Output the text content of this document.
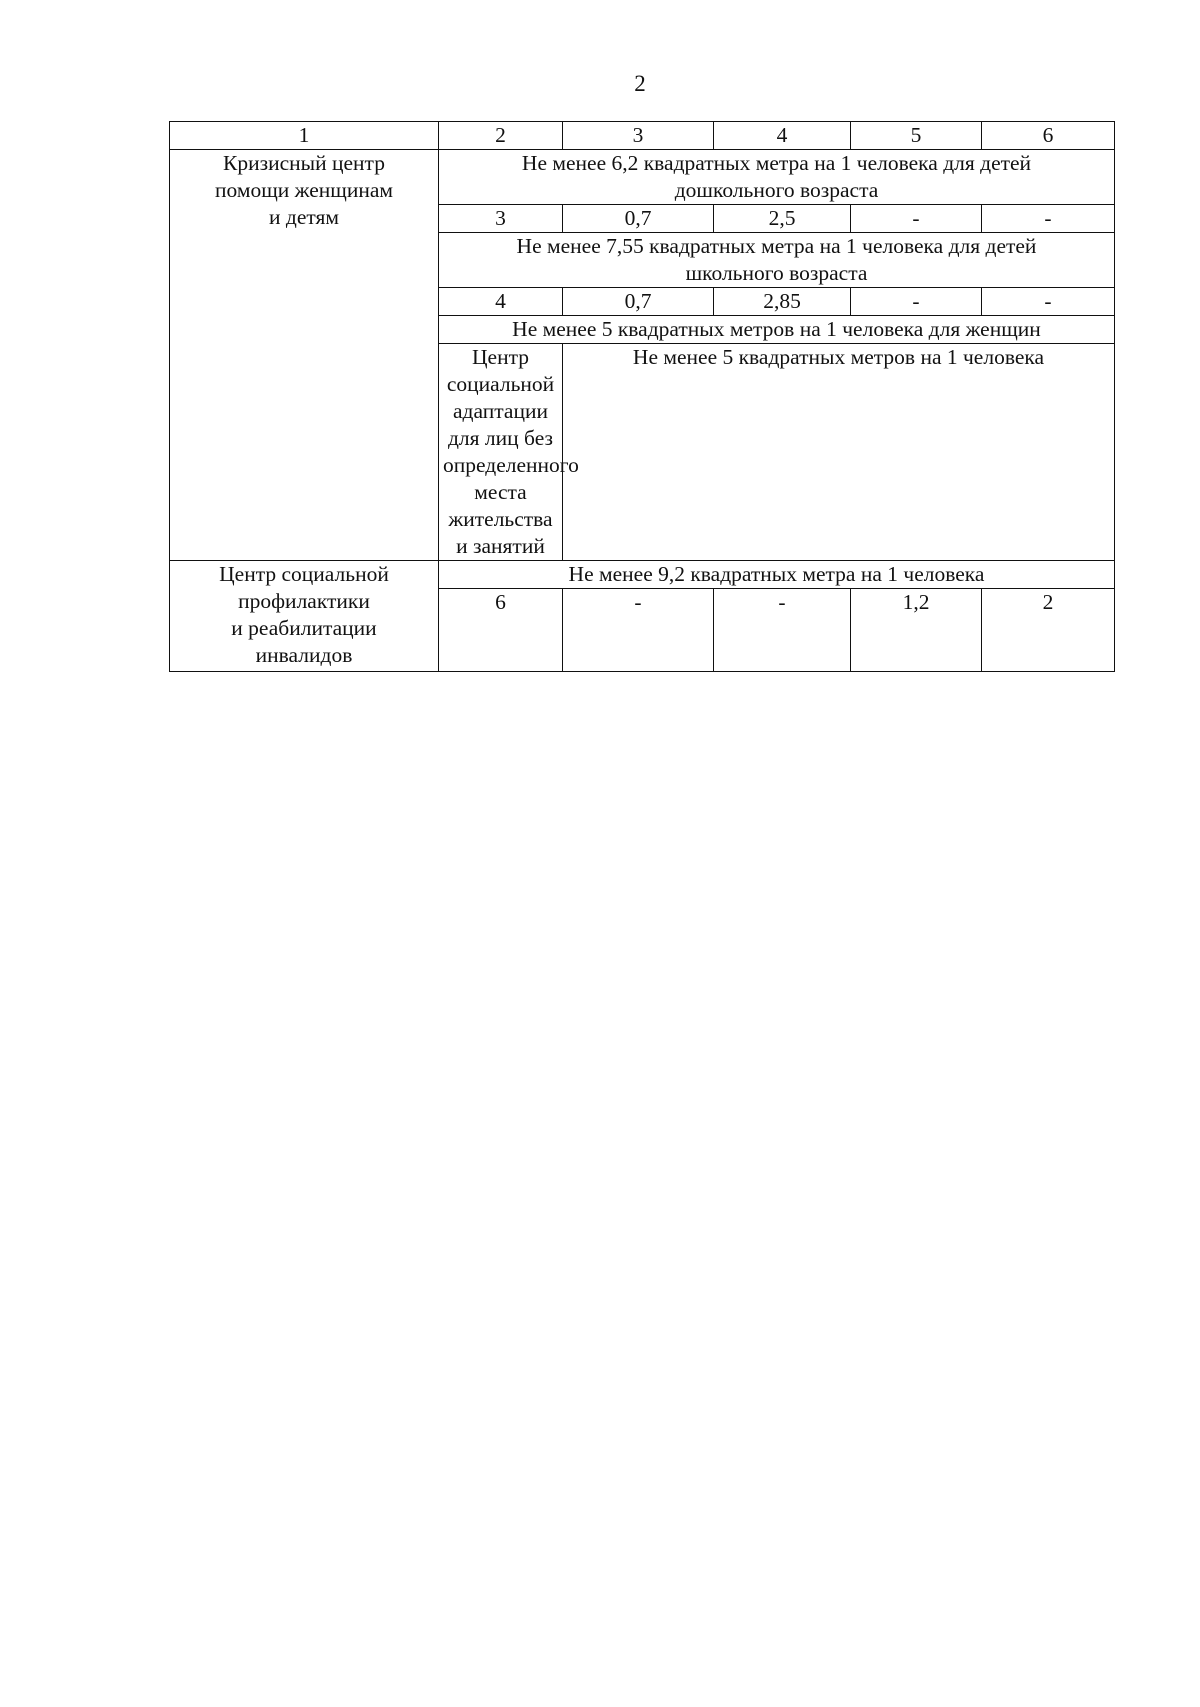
2
1	2	3	4	5	6

Кризисный центр
помощи женщинам
и детям	Не менее 6,2 квадратных метра на 1 человека для детей
дошкольного возраста				

	3	0,7	2,5	-	-

	Не менее 7,55 квадратных метра на 1 человека для детей
школьного возраста				

	4	0,7	2,85	-	-
	Не менее 5 квадратных метров на 1 человека для женщин				

	Центр социальной
адаптации для лиц без
определенного места
жительства
и занятий	Не менее 5 квадратных метров на 1 человека			

Центр социальной
профилактики
и реабилитации
инвалидов	Не менее 9,2 квадратных метра на 1 человека				
	6	-	-	1,2	2
